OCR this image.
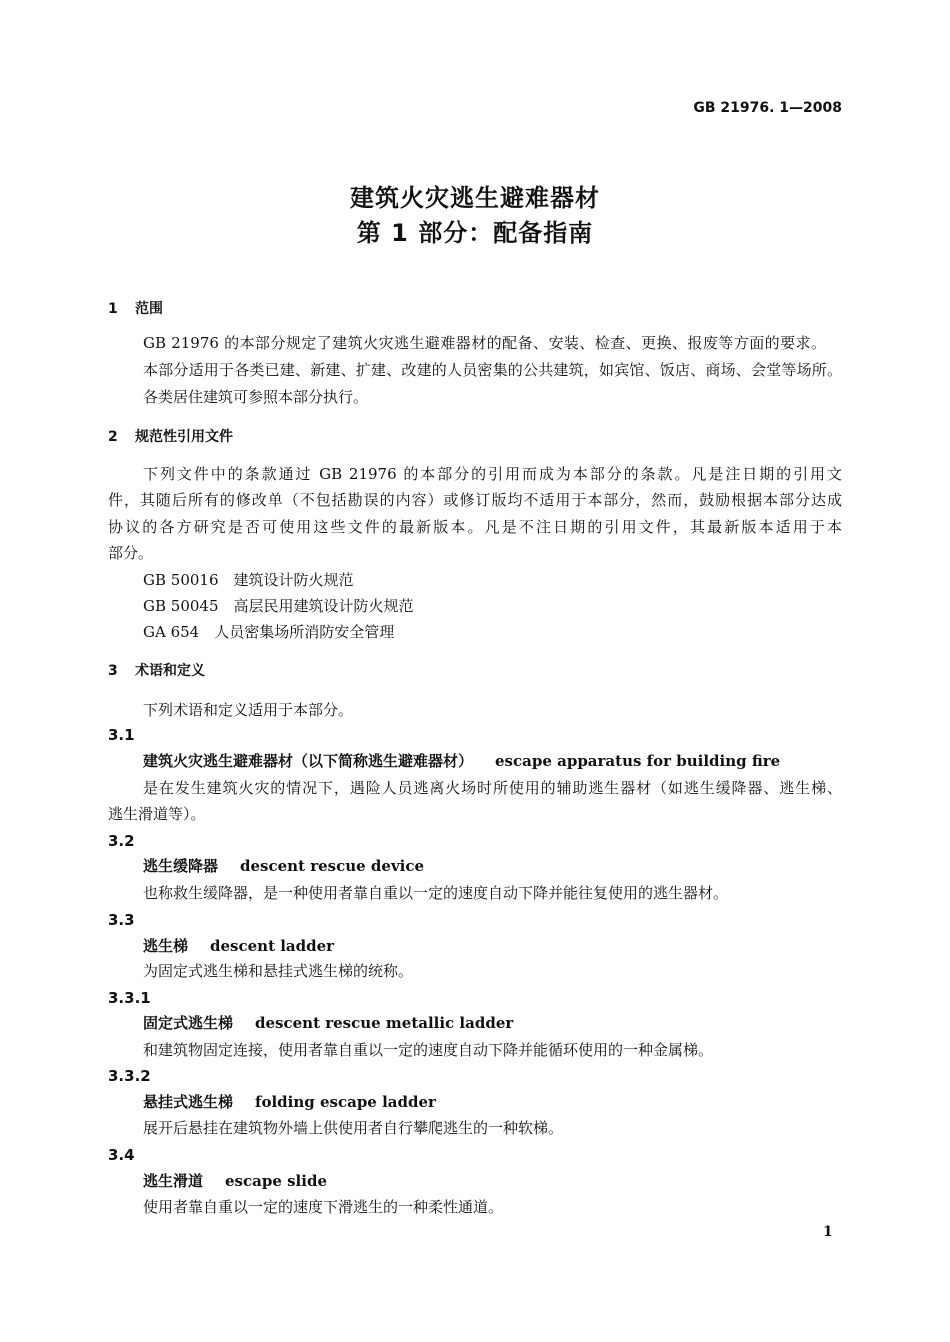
GB 21976. 1—2008
建筑火灾逃生避难器材
第 1 部分：配备指南
1 范围
GB 21976 的本部分规定了建筑火灾逃生避难器材的配备、安装、检查、更换、报废等方面的要求。
本部分适用于各类已建、新建、扩建、改建的人员密集的公共建筑，如宾馆、饭店、商场、会堂等场所。
各类居住建筑可参照本部分执行。
2 规范性引用文件
下列文件中的条款通过 GB 21976 的本部分的引用而成为本部分的条款。凡是注日期的引用文
件，其随后所有的修改单（不包括勘误的内容）或修订版均不适用于本部分，然而，鼓励根据本部分达成
协议的各方研究是否可使用这些文件的最新版本。凡是不注日期的引用文件，其最新版本适用于本
部分。
GB 50016 建筑设计防火规范
GB 50045 高层民用建筑设计防火规范
GA 654 人员密集场所消防安全管理
3 术语和定义
下列术语和定义适用于本部分。
3.1
建筑火灾逃生避难器材（以下简称逃生避难器材） escape apparatus for building fire
是在发生建筑火灾的情况下，遇险人员逃离火场时所使用的辅助逃生器材（如逃生缓降器、逃生梯、
逃生滑道等）。
3.2
逃生缓降器 descent rescue device
也称救生缓降器，是一种使用者靠自重以一定的速度自动下降并能往复使用的逃生器材。
3.3
逃生梯 descent ladder
为固定式逃生梯和悬挂式逃生梯的统称。
3.3.1
固定式逃生梯 descent rescue metallic ladder
和建筑物固定连接，使用者靠自重以一定的速度自动下降并能循环使用的一种金属梯。
3.3.2
悬挂式逃生梯 folding escape ladder
展开后悬挂在建筑物外墙上供使用者自行攀爬逃生的一种软梯。
3.4
逃生滑道 escape slide
使用者靠自重以一定的速度下滑逃生的一种柔性通道。
1
